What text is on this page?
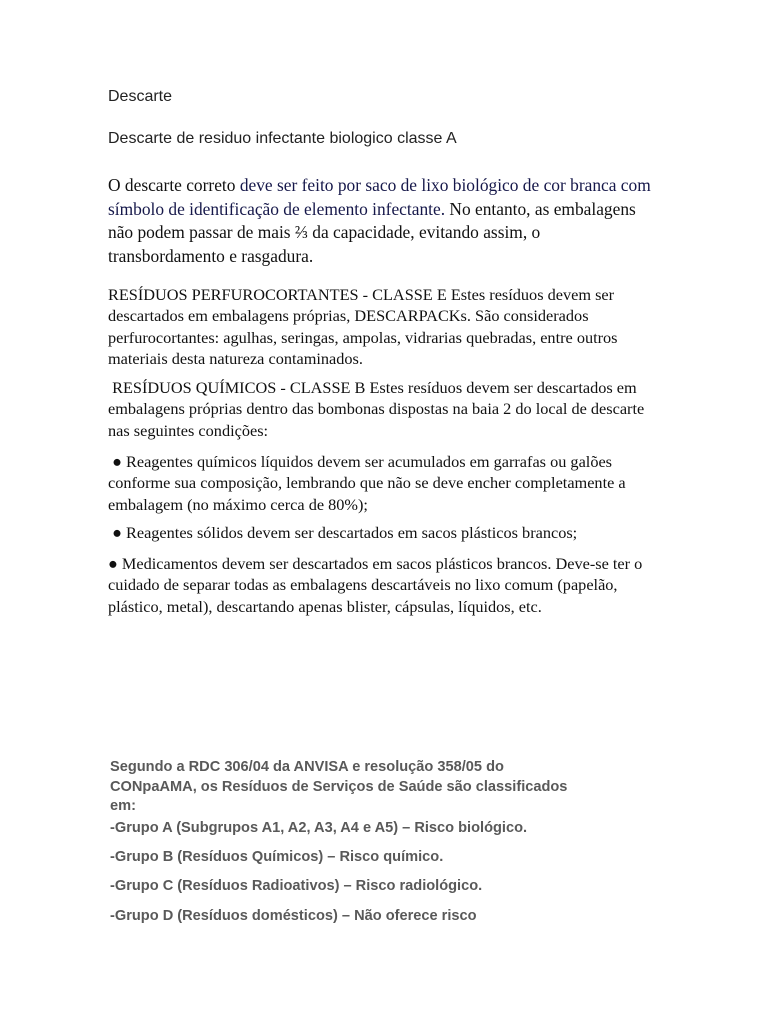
Descarte
Descarte de residuo infectante biologico classe A
O descarte correto deve ser feito por saco de lixo biológico de cor branca com símbolo de identificação de elemento infectante. No entanto, as embalagens não podem passar de mais ⅔ da capacidade, evitando assim, o transbordamento e rasgadura.

RESÍDUOS PERFUROCORTANTES - CLASSE E Estes resíduos devem ser descartados em embalagens próprias, DESCARPACKs. São considerados perfurocortantes: agulhas, seringas, ampolas, vidrarias quebradas, entre outros materiais desta natureza contaminados.

RESÍDUOS QUÍMICOS - CLASSE B Estes resíduos devem ser descartados em embalagens próprias dentro das bombonas dispostas na baia 2 do local de descarte nas seguintes condições:

● Reagentes químicos líquidos devem ser acumulados em garrafas ou galões conforme sua composição, lembrando que não se deve encher completamente a embalagem (no máximo cerca de 80%);

● Reagentes sólidos devem ser descartados em sacos plásticos brancos;

● Medicamentos devem ser descartados em sacos plásticos brancos. Deve-se ter o cuidado de separar todas as embalagens descartáveis no lixo comum (papelão, plástico, metal), descartando apenas blister, cápsulas, líquidos, etc.

Segundo a RDC 306/04 da ANVISA e resolução 358/05 do CONpaAMA, os Resíduos de Serviços de Saúde são classificados em:
-Grupo A (Subgrupos A1, A2, A3, A4 e A5) – Risco biológico.
-Grupo B (Resíduos Químicos) – Risco químico.
-Grupo C (Resíduos Radioativos) – Risco radiológico.
-Grupo D (Resíduos domésticos) – Não oferece risco
